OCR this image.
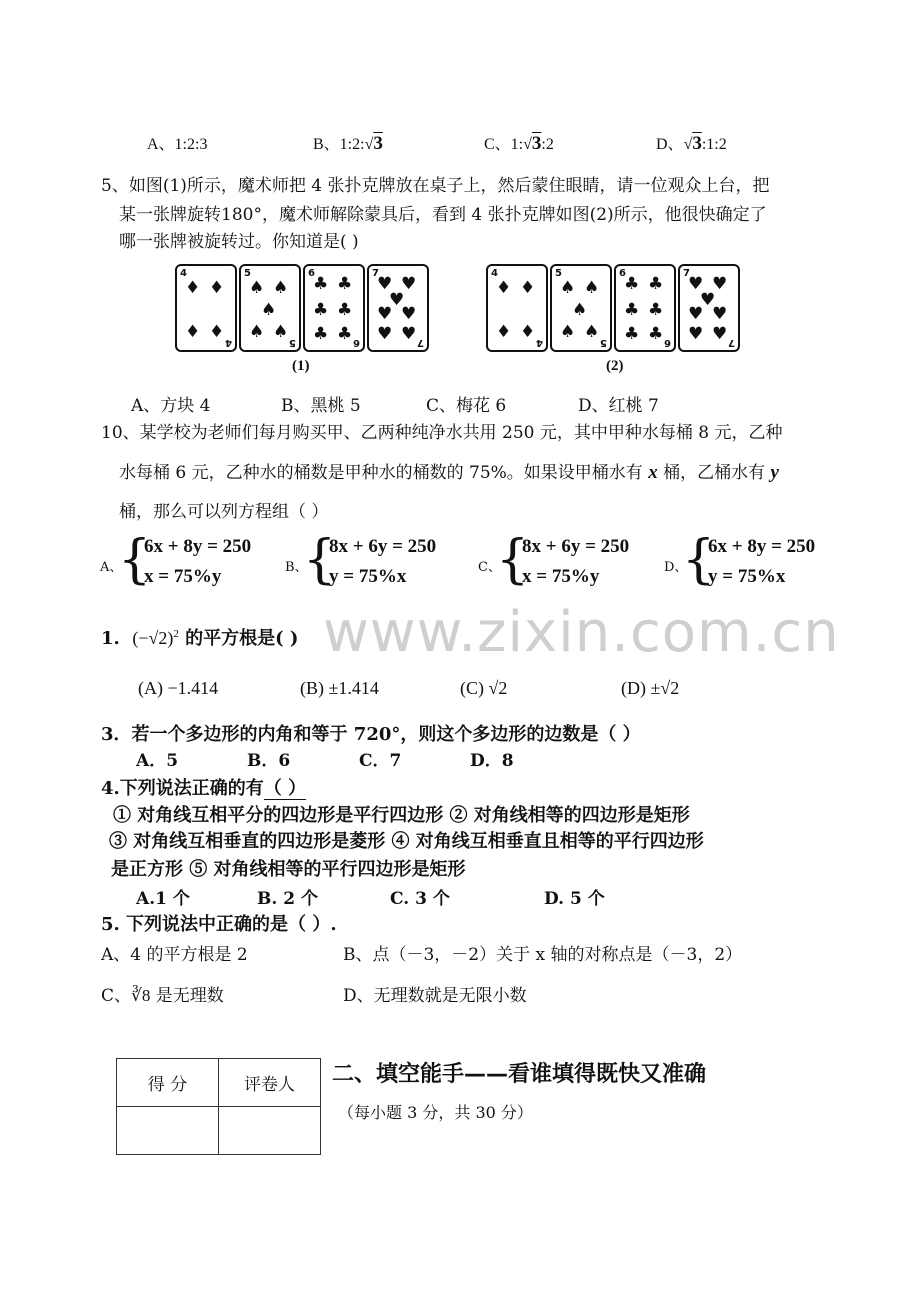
www.zixin.com.cn
A、1:2:3	B、1:2:√3	C、1:√3:2	D、√3:1:2
5、如图(1)所示，魔术师把 4 张扑克牌放在桌子上，然后蒙住眼睛，请一位观众上台，把
某一张牌旋转180°，魔术师解除蒙具后，看到 4 张扑克牌如图(2)所示，他很快确定了
哪一张牌被旋转过。你知道是( )
4
4
♦ ♦
♦ ♦
5
5
♠ ♠
♠
♠ ♠
6
6
♣ ♣
♣ ♣
♣ ♣
7
7
♥ ♥
♥
♥ ♥
♥ ♥
(1)
4
4
♦ ♦
♦ ♦
5
5
♠ ♠
♠
♠ ♠
6
6
♣ ♣
♣ ♣
♣ ♣
7
7
♥ ♥
♥
♥ ♥
♥ ♥
(2)
A、方块 4	B、黑桃 5	C、梅花 6	D、红桃 7
10、某学校为老师们每月购买甲、乙两种纯净水共用 250 元，其中甲种水每桶 8 元，乙种
水每桶 6 元，乙种水的桶数是甲种水的桶数的 75%。如果设甲桶水有 x 桶，乙桶水有 y
桶，那么可以列方程组（ ）
A、
{
6x + 8y = 250
x = 75%y	B、
{
8x + 6y = 250
y = 75%x	C、
{
8x + 6y = 250
x = 75%y	D、
{
6x + 8y = 250
y = 75%x
1. $(-√2)^2$ 的平方根是( )
(A) −1.414	(B) ±1.414	(C) √2	(D) ±√2
3．若一个多边形的内角和等于 720°，则这个多边形的边数是（ ）
A．5	B．6	C．7	D．8
4.下列说法正确的有（ ）
① 对角线互相平分的四边形是平行四边形 ② 对角线相等的四边形是矩形
③ 对角线互相垂直的四边形是菱形 ④ 对角线互相垂直且相等的平行四边形
是正方形 ⑤ 对角线相等的平行四边形是矩形
A.1 个	B. 2 个	C. 3 个	D. 5 个
5. 下列说法中正确的是（ ）.
A、4 的平方根是 2	B、点（－3，－2）关于 x 轴的对称点是（－3，2）
C、∛8 是无理数	D、无理数就是无限小数
得 分	评卷人
	二、填空能手——看谁填得既快又准确
（每小题 3 分，共 30 分）
